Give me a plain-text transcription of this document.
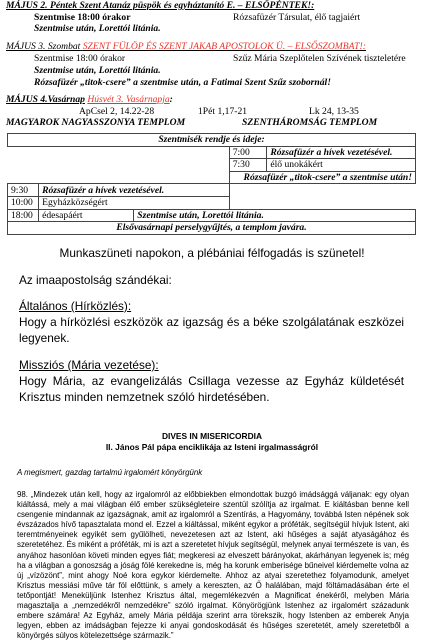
MÁJUS 2. Péntek Szent Atanáz püspök és egyháztanító E. – ELSŐPÉNTEK!:
Szentmise 18:00 órakor	Rózsafüzér Társulat, élő tagjaiért
Szentmise után, Lorettói litánia.
MÁJUS 3. Szombat SZENT FÜLÖP ÉS SZENT JAKAB APOSTOLOK Ü. – ELSŐSZOMBAT!:
Szentmise 18:00 órakor	Szűz Mária Szeplőtelen Szívének tiszteletére
Szentmise után, Lorettói litánia.
Rózsafüzér „titok-csere” a szentmise után, a Fatimai Szent Szűz szobornál!
MÁJUS 4.Vasárnap Húsvét 3. Vasárnapja:
ApCsel 2, 14.22-28	1Pét 1,17-21	Lk 24, 13-35
MAGYAROK NAGYASSZONYA TEMPLOM	SZENTHÁROMSÁG TEMPLOM
Szentmisék rendje és ideje:				
			7:00	Rózsafüzér a hívek vezetésével.
			7:30	élő unokákért
			Rózsafüzér „titok-csere” a szentmise után!	
9:30	Rózsafüzér a hívek vezetésével.			
10:00	Egyházközségért			
18:00	édesapáért	Szentmise után, Lorettói litánia.		
Elsővasárnapi perselygyűjtés, a templom javára.				
Munkaszüneti napokon, a plébániai félfogadás is szünetel!
Az imaapostolság szándékai:
Általános (Hírközlés):
Hogy a hírközlési eszközök az igazság és a béke szolgálatának eszközei legyenek.
Missziós (Mária vezetése):
Hogy Mária, az evangelizálás Csillaga vezesse az Egyház küldetését Krisztus minden nemzetnek szóló hirdetésében.
DIVES IN MISERICORDIA
II. János Pál pápa enciklikája az Isteni irgalmasságról
A megismert, gazdag tartalmú irgalomért könyörgünk
98. „Mindezek után kell, hogy az irgalomról az előbbiekben elmondottak buzgó imádsággá váljanak: egy olyan kiáltássá, mely a mai világban élő ember szükségleteire szentül szólítja az irgalmat. E kiáltásban benne kell csengenie mindannak az igazságnak, amit az irgalomról a Szentírás, a Hagyomány, továbbá Isten népének sok évszázados hívő tapasztalata mond el. Ezzel a kiáltással, miként egykor a próféták, segítségül hívjuk Istent, aki teremtményeinek egyikét sem gyűlölheti, nevezetesen azt az Istent, aki hűséges a saját atyaságához és szeretetéhez. És miként a próféták, mi is azt a szeretetet hívjuk segítségül, melynek anyai természete is van, és anyához hasonlóan követi minden egyes fiát; megkeresi az elveszett bárányokat, akárhányan legyenek is; még ha a világban a gonoszság a jóság fölé kerekedne is, még ha korunk emberisége bűneivel kiérdemelte volna az új „vízözönt”, mint ahogy Noé kora egykor kiérdemelte. Ahhoz az atyai szeretethez folyamodunk, amelyet Krisztus messiási műve tár föl előttünk, s amely a kereszten, az Ő halálában, majd föltámadásában érte el tetőpontját! Meneküljünk Istenhez Krisztus által, megemlékezvén a Magnificat énekéről, melyben Mária magasztalja a „nemzedékről nemzedékre” szóló irgalmat. Könyörögjünk Istenhez az irgalomért századunk embere számára! Az Egyház, amely Mária példája szerint arra törekszik, hogy Istenben az emberek Anyja legyen, ebben az imádságban fejezze ki anyai gondoskodását és hűséges szeretetét, amely szeretetből a könyörgés súlyos kötelezettsége származik.”
